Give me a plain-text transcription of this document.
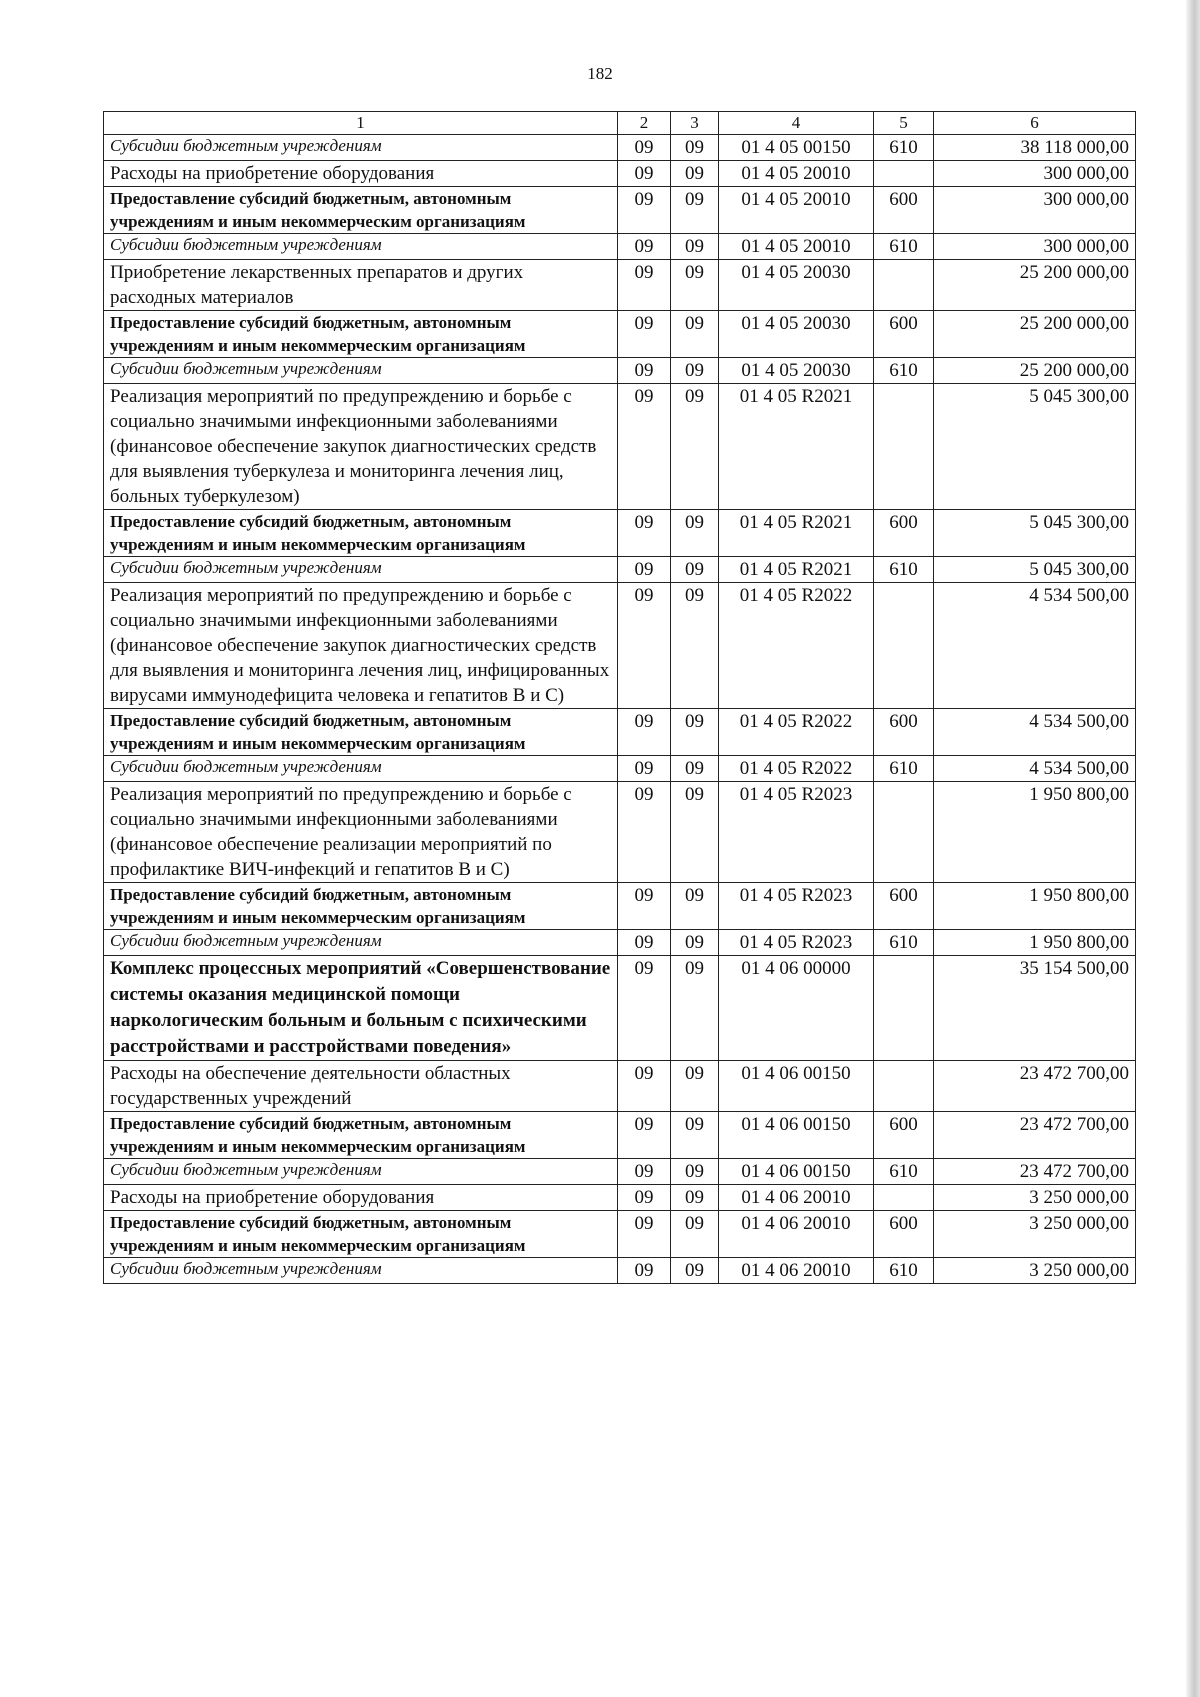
182
1	2	3	4	5	6
Субсидии бюджетным учреждениям	09	09	01 4 05 00150	610	38 118 000,00
Расходы на приобретение оборудования	09	09	01 4 05 20010		300 000,00
Предоставление субсидий бюджетным, автономным учреждениям и иным некоммерческим организациям	09	09	01 4 05 20010	600	300 000,00
Субсидии бюджетным учреждениям	09	09	01 4 05 20010	610	300 000,00
Приобретение лекарственных препаратов и других расходных материалов	09	09	01 4 05 20030		25 200 000,00
Предоставление субсидий бюджетным, автономным учреждениям и иным некоммерческим организациям	09	09	01 4 05 20030	600	25 200 000,00
Субсидии бюджетным учреждениям	09	09	01 4 05 20030	610	25 200 000,00
Реализация мероприятий по предупреждению и борьбе с социально значимыми инфекционными заболеваниями (финансовое обеспечение закупок диагностических средств для выявления туберкулеза и мониторинга лечения лиц, больных туберкулезом)	09	09	01 4 05 R2021		5 045 300,00
Предоставление субсидий бюджетным, автономным учреждениям и иным некоммерческим организациям	09	09	01 4 05 R2021	600	5 045 300,00
Субсидии бюджетным учреждениям	09	09	01 4 05 R2021	610	5 045 300,00
Реализация мероприятий по предупреждению и борьбе с социально значимыми инфекционными заболеваниями (финансовое обеспечение закупок диагностических средств для выявления и мониторинга лечения лиц, инфицированных вирусами иммунодефицита человека и гепатитов В и С)	09	09	01 4 05 R2022		4 534 500,00
Предоставление субсидий бюджетным, автономным учреждениям и иным некоммерческим организациям	09	09	01 4 05 R2022	600	4 534 500,00
Субсидии бюджетным учреждениям	09	09	01 4 05 R2022	610	4 534 500,00
Реализация мероприятий по предупреждению и борьбе с социально значимыми инфекционными заболеваниями (финансовое обеспечение реализации мероприятий по профилактике ВИЧ-инфекций и гепатитов В и С)	09	09	01 4 05 R2023		1 950 800,00
Предоставление субсидий бюджетным, автономным учреждениям и иным некоммерческим организациям	09	09	01 4 05 R2023	600	1 950 800,00
Субсидии бюджетным учреждениям	09	09	01 4 05 R2023	610	1 950 800,00
Комплекс процессных мероприятий «Совершенствование системы оказания медицинской помощи наркологическим больным и больным с психическими расстройствами и расстройствами поведения»	09	09	01 4 06 00000		35 154 500,00
Расходы на обеспечение деятельности областных государственных учреждений	09	09	01 4 06 00150		23 472 700,00
Предоставление субсидий бюджетным, автономным учреждениям и иным некоммерческим организациям	09	09	01 4 06 00150	600	23 472 700,00
Субсидии бюджетным учреждениям	09	09	01 4 06 00150	610	23 472 700,00
Расходы на приобретение оборудования	09	09	01 4 06 20010		3 250 000,00
Предоставление субсидий бюджетным, автономным учреждениям и иным некоммерческим организациям	09	09	01 4 06 20010	600	3 250 000,00
Субсидии бюджетным учреждениям	09	09	01 4 06 20010	610	3 250 000,00
